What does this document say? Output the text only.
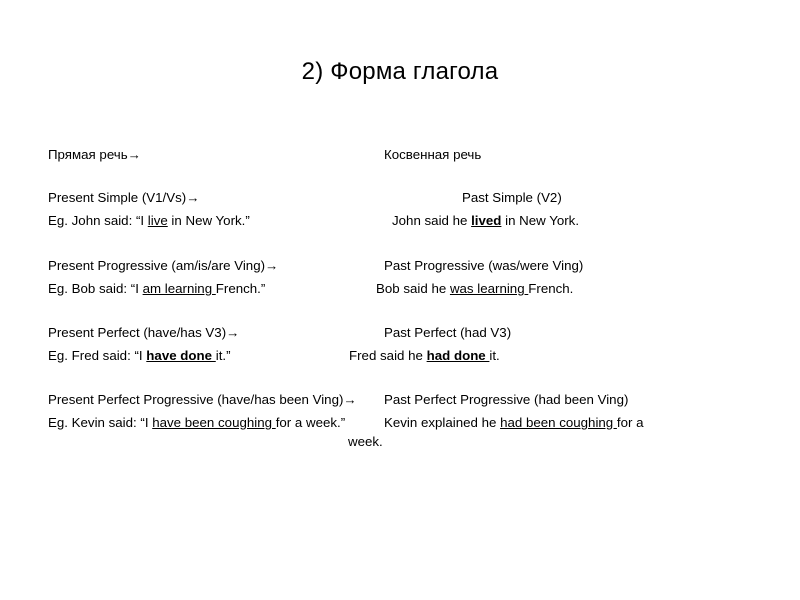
2) Форма глагола
Прямая речь→	Косвенная речь
Present Simple (V1/Vs)→	Past Simple (V2)
Eg. John said: “I live in New York.”	John said he lived in New York.
Present Progressive (am/is/are Ving)→	Past Progressive (was/were Ving)
Eg. Bob said: “I am learning French.”	Bob said he was learning French.
Present Perfect (have/has V3)→	Past Perfect (had V3)
Eg. Fred said: “I have done it.”	Fred said he had done it.
Present Perfect Progressive (have/has been Ving)→ Past Perfect Progressive (had been Ving)
Eg. Kevin said: “I have been coughing for a week.”	Kevin explained he had been coughing for a
week.
